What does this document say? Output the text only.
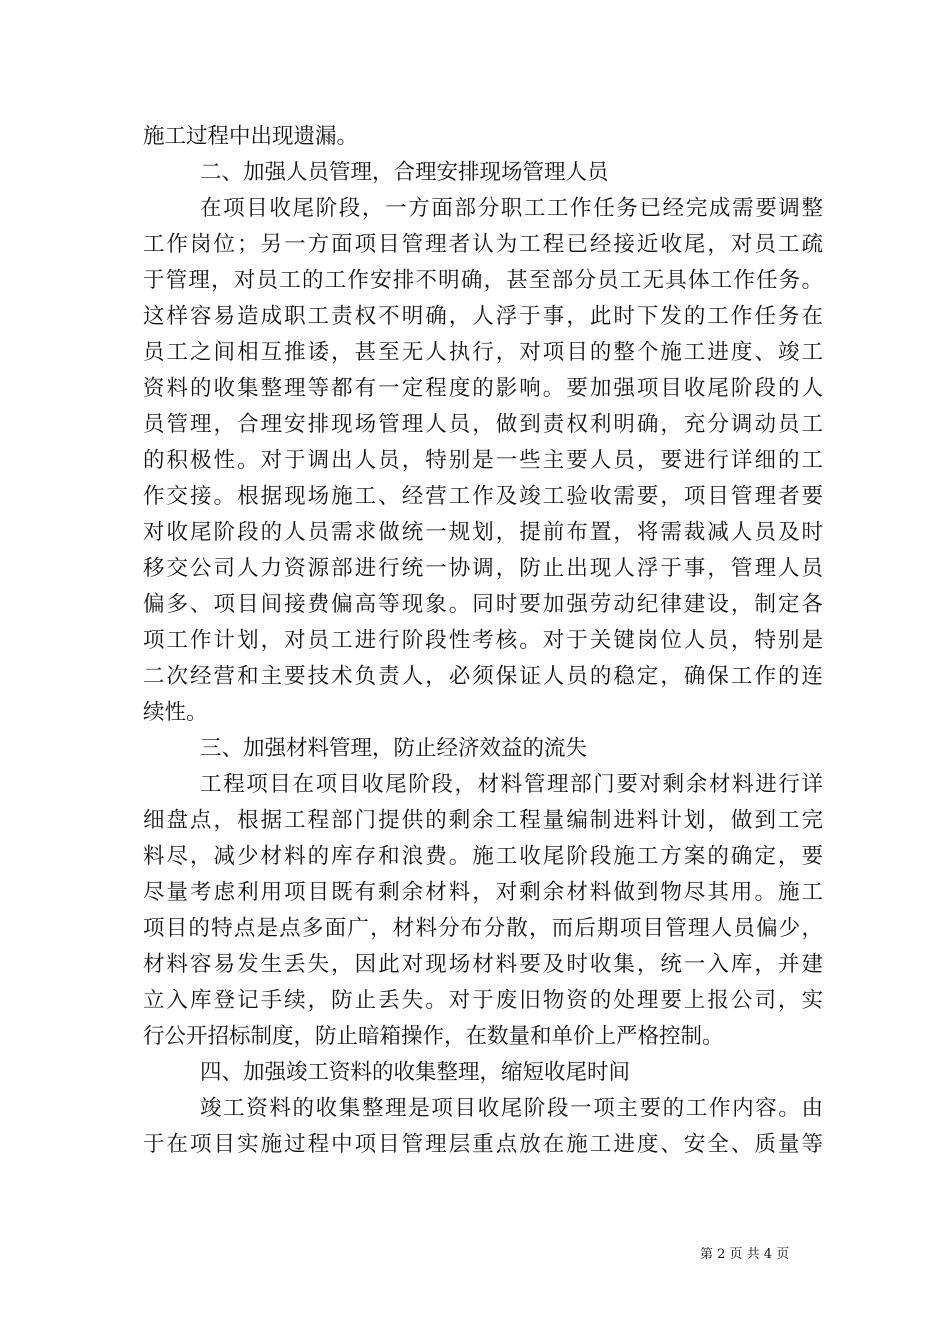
施工过程中出现遗漏。
二、加强人员管理，合理安排现场管理人员
在项目收尾阶段，一方面部分职工工作任务已经完成需要调整
工作岗位；另一方面项目管理者认为工程已经接近收尾，对员工疏
于管理，对员工的工作安排不明确，甚至部分员工无具体工作任务。
这样容易造成职工责权不明确，人浮于事，此时下发的工作任务在
员工之间相互推诿，甚至无人执行，对项目的整个施工进度、竣工
资料的收集整理等都有一定程度的影响。要加强项目收尾阶段的人
员管理，合理安排现场管理人员，做到责权利明确，充分调动员工
的积极性。对于调出人员，特别是一些主要人员，要进行详细的工
作交接。根据现场施工、经营工作及竣工验收需要，项目管理者要
对收尾阶段的人员需求做统一规划，提前布置，将需裁减人员及时
移交公司人力资源部进行统一协调，防止出现人浮于事，管理人员
偏多、项目间接费偏高等现象。同时要加强劳动纪律建设，制定各
项工作计划，对员工进行阶段性考核。对于关键岗位人员，特别是
二次经营和主要技术负责人，必须保证人员的稳定，确保工作的连
续性。
三、加强材料管理，防止经济效益的流失
工程项目在项目收尾阶段，材料管理部门要对剩余材料进行详
细盘点，根据工程部门提供的剩余工程量编制进料计划，做到工完
料尽，减少材料的库存和浪费。施工收尾阶段施工方案的确定，要
尽量考虑利用项目既有剩余材料，对剩余材料做到物尽其用。施工
项目的特点是点多面广，材料分布分散，而后期项目管理人员偏少，
材料容易发生丢失，因此对现场材料要及时收集，统一入库，并建
立入库登记手续，防止丢失。对于废旧物资的处理要上报公司，实
行公开招标制度，防止暗箱操作，在数量和单价上严格控制。
四、加强竣工资料的收集整理，缩短收尾时间
竣工资料的收集整理是项目收尾阶段一项主要的工作内容。由
于在项目实施过程中项目管理层重点放在施工进度、安全、质量等
第 2 页 共 4 页
